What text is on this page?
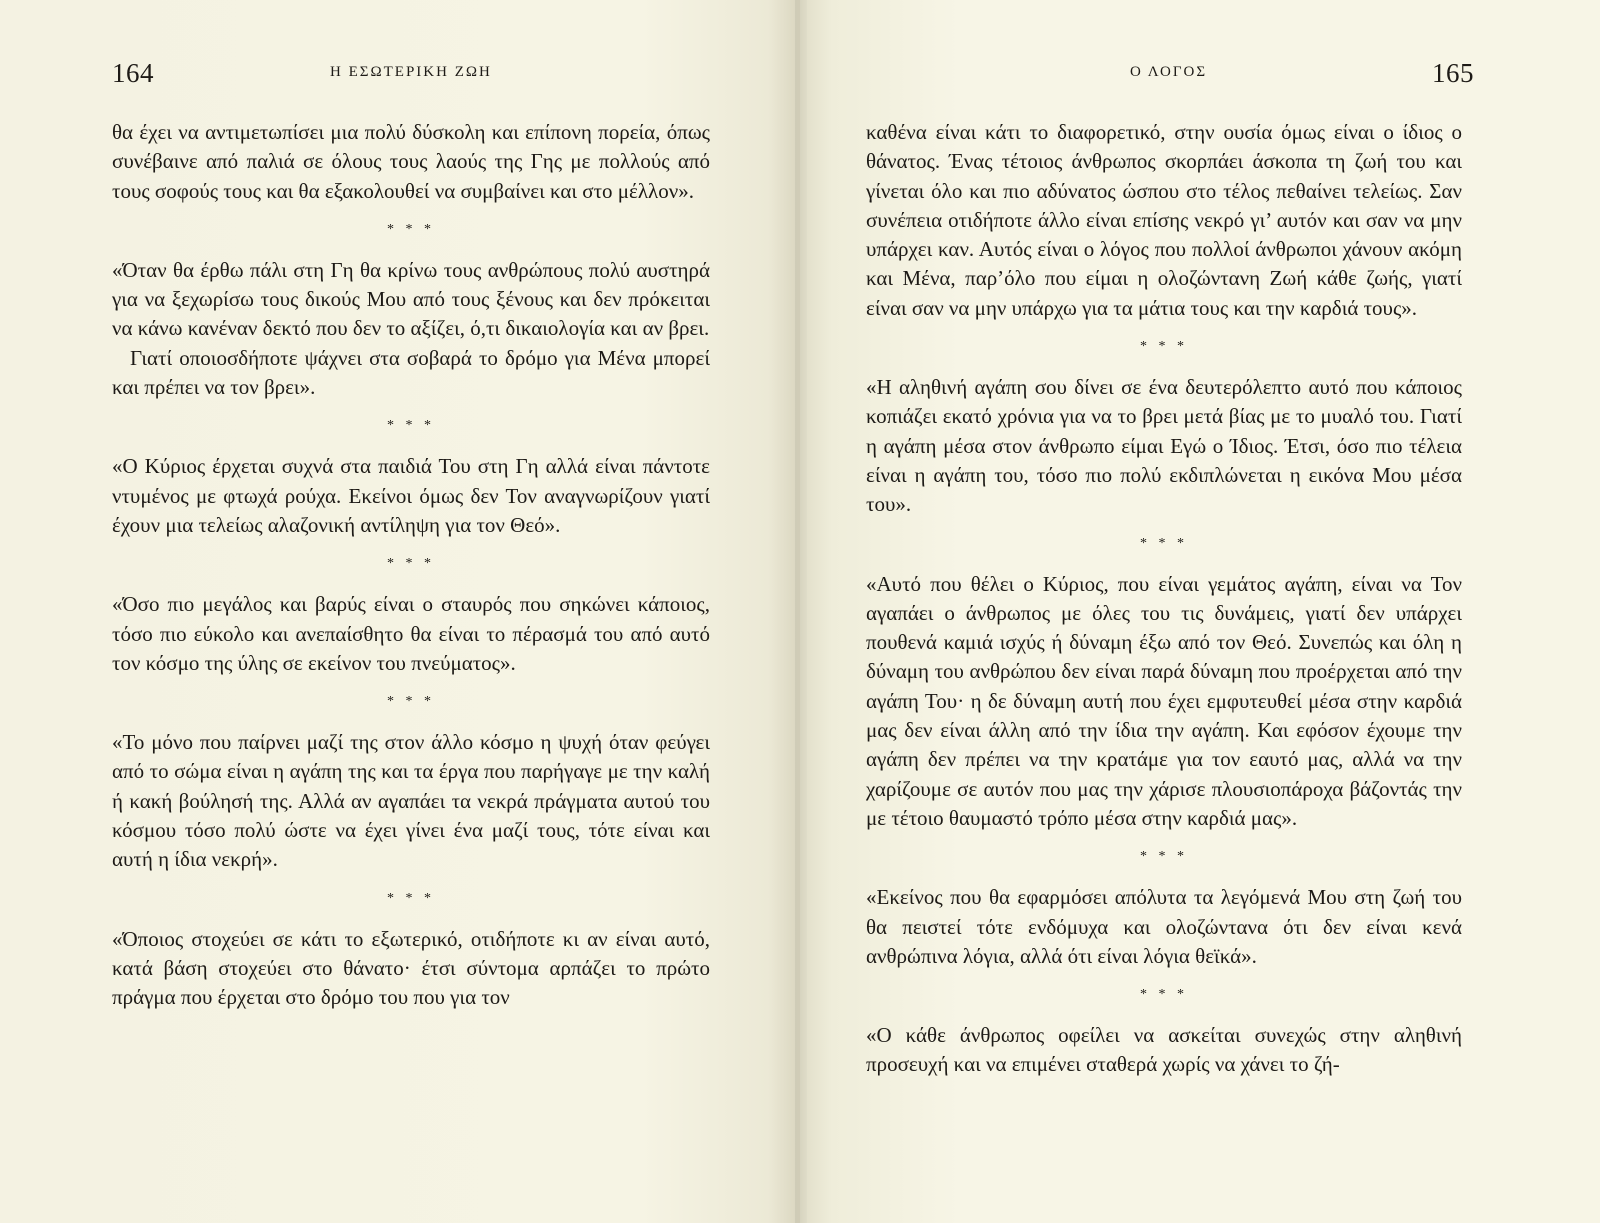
164	Η ΕΣΩΤΕΡΙΚΗ ΖΩΗ

θα έχει να αντιμετωπίσει μια πολύ δύσκολη και επίπονη πορεία, όπως συνέβαινε από παλιά σε όλους τους λαούς της Γης με πολλούς από τους σοφούς τους και θα εξακολουθεί να συμβαίνει και στο μέλλον».

* * *

«Όταν θα έρθω πάλι στη Γη θα κρίνω τους ανθρώπους πολύ αυστηρά για να ξεχωρίσω τους δικούς Μου από τους ξένους και δεν πρόκειται να κάνω κανέναν δεκτό που δεν το αξίζει, ό,τι δικαιολογία και αν βρει.

Γιατί οποιοσδήποτε ψάχνει στα σοβαρά το δρόμο για Μένα μπορεί και πρέπει να τον βρει».

* * *

«Ο Κύριος έρχεται συχνά στα παιδιά Του στη Γη αλλά είναι πάντοτε ντυμένος με φτωχά ρούχα. Εκείνοι όμως δεν Τον αναγνωρίζουν γιατί έχουν μια τελείως αλαζονική αντίληψη για τον Θεό».

* * *

«Όσο πιο μεγάλος και βαρύς είναι ο σταυρός που σηκώνει κάποιος, τόσο πιο εύκολο και ανεπαίσθητο θα είναι το πέρασμά του από αυτό τον κόσμο της ύλης σε εκείνον του πνεύματος».

* * *

«Το μόνο που παίρνει μαζί της στον άλλο κόσμο η ψυχή όταν φεύγει από το σώμα είναι η αγάπη της και τα έργα που παρήγαγε με την καλή ή κακή βούλησή της. Αλλά αν αγαπάει τα νεκρά πράγματα αυτού του κόσμου τόσο πολύ ώστε να έχει γίνει ένα μαζί τους, τότε είναι και αυτή η ίδια νεκρή».

* * *

«Όποιος στοχεύει σε κάτι το εξωτερικό, οτιδήποτε κι αν είναι αυτό, κατά βάση στοχεύει στο θάνατο· έτσι σύντομα αρπάζει το πρώτο πράγμα που έρχεται στο δρόμο του που για τον

Ο ΛΟΓΟΣ	165

καθένα είναι κάτι το διαφορετικό, στην ουσία όμως είναι ο ίδιος ο θάνατος. Ένας τέτοιος άνθρωπος σκορπάει άσκοπα τη ζωή του και γίνεται όλο και πιο αδύνατος ώσπου στο τέλος πεθαίνει τελείως. Σαν συνέπεια οτιδήποτε άλλο είναι επίσης νεκρό γι’ αυτόν και σαν να μην υπάρχει καν. Αυτός είναι ο λόγος που πολλοί άνθρωποι χάνουν ακόμη και Μένα, παρ’όλο που είμαι η ολοζώντανη Ζωή κάθε ζωής, γιατί είναι σαν να μην υπάρχω για τα μάτια τους και την καρδιά τους».

* * *

«Η αληθινή αγάπη σου δίνει σε ένα δευτερόλεπτο αυτό που κάποιος κοπιάζει εκατό χρόνια για να το βρει μετά βίας με το μυαλό του. Γιατί η αγάπη μέσα στον άνθρωπο είμαι Εγώ ο Ίδιος. Έτσι, όσο πιο τέλεια είναι η αγάπη του, τόσο πιο πολύ εκδιπλώνεται η εικόνα Μου μέσα του».

* * *

«Αυτό που θέλει ο Κύριος, που είναι γεμάτος αγάπη, είναι να Τον αγαπάει ο άνθρωπος με όλες του τις δυνάμεις, γιατί δεν υπάρχει πουθενά καμιά ισχύς ή δύναμη έξω από τον Θεό. Συνεπώς και όλη η δύναμη του ανθρώπου δεν είναι παρά δύναμη που προέρχεται από την αγάπη Του· η δε δύναμη αυτή που έχει εμφυτευθεί μέσα στην καρδιά μας δεν είναι άλλη από την ίδια την αγάπη. Και εφόσον έχουμε την αγάπη δεν πρέπει να την κρατάμε για τον εαυτό μας, αλλά να την χαρίζουμε σε αυτόν που μας την χάρισε πλουσιοπάροχα βάζοντάς την με τέτοιο θαυμαστό τρόπο μέσα στην καρδιά μας».

* * *

«Εκείνος που θα εφαρμόσει απόλυτα τα λεγόμενά Μου στη ζωή του θα πειστεί τότε ενδόμυχα και ολοζώντανα ότι δεν είναι κενά ανθρώπινα λόγια, αλλά ότι είναι λόγια θεϊκά».

* * *

«Ο κάθε άνθρωπος οφείλει να ασκείται συνεχώς στην αληθινή προσευχή και να επιμένει σταθερά χωρίς να χάνει το ζή-
